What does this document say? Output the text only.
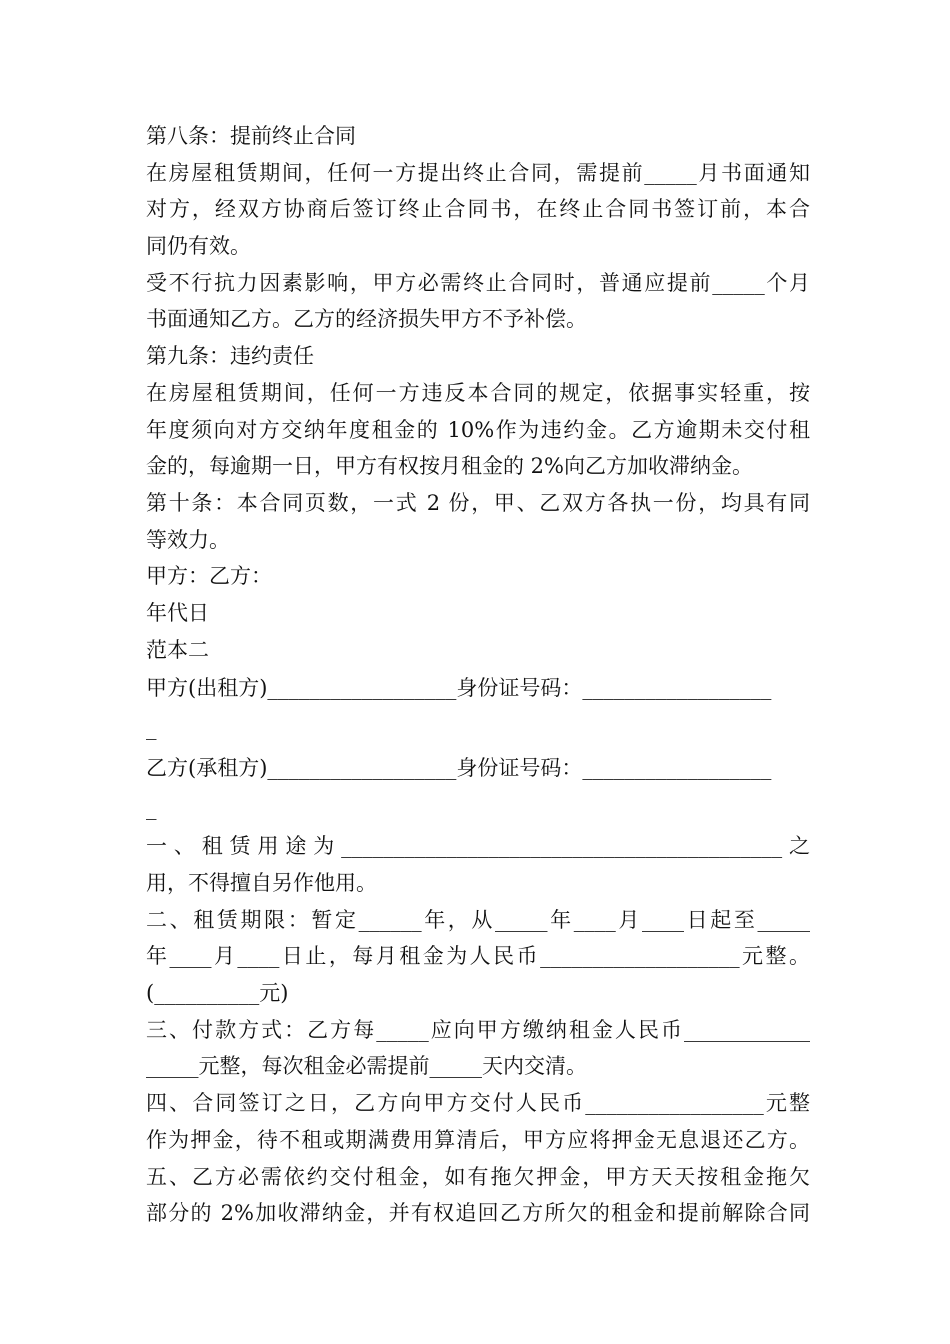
第八条：提前终止合同
在房屋租赁期间，任何一方提出终止合同，需提前_____月书面通知
对方，经双方协商后签订终止合同书，在终止合同书签订前，本合
同仍有效。
受不行抗力因素影响，甲方必需终止合同时，普通应提前_____个月
书面通知乙方。乙方的经济损失甲方不予补偿。
第九条：违约责任
在房屋租赁期间，任何一方违反本合同的规定，依据事实轻重，按
年度须向对方交纳年度租金的 10%作为违约金。乙方逾期未交付租
金的，每逾期一日，甲方有权按月租金的 2%向乙方加收滞纳金。
第十条：本合同页数，一式 2 份，甲、乙双方各执一份，均具有同
等效力。
甲方：乙方：
年代日
范本二
甲方(出租方)__________________身份证号码：__________________
_
乙方(承租方)__________________身份证号码：__________________
_
一、租赁用途为__________________________________________之
用，不得擅自另作他用。
二、租赁期限：暂定______年，从_____年____月____日起至_____
年____月____日止，每月租金为人民币___________________元整。
(__________元)
三、付款方式：乙方每_____应向甲方缴纳租金人民币____________
_____元整，每次租金必需提前_____天内交清。
四、合同签订之日，乙方向甲方交付人民币_________________元整
作为押金，待不租或期满费用算清后，甲方应将押金无息退还乙方。
五、乙方必需依约交付租金，如有拖欠押金，甲方天天按租金拖欠
部分的 2%加收滞纳金，并有权追回乙方所欠的租金和提前解除合同
